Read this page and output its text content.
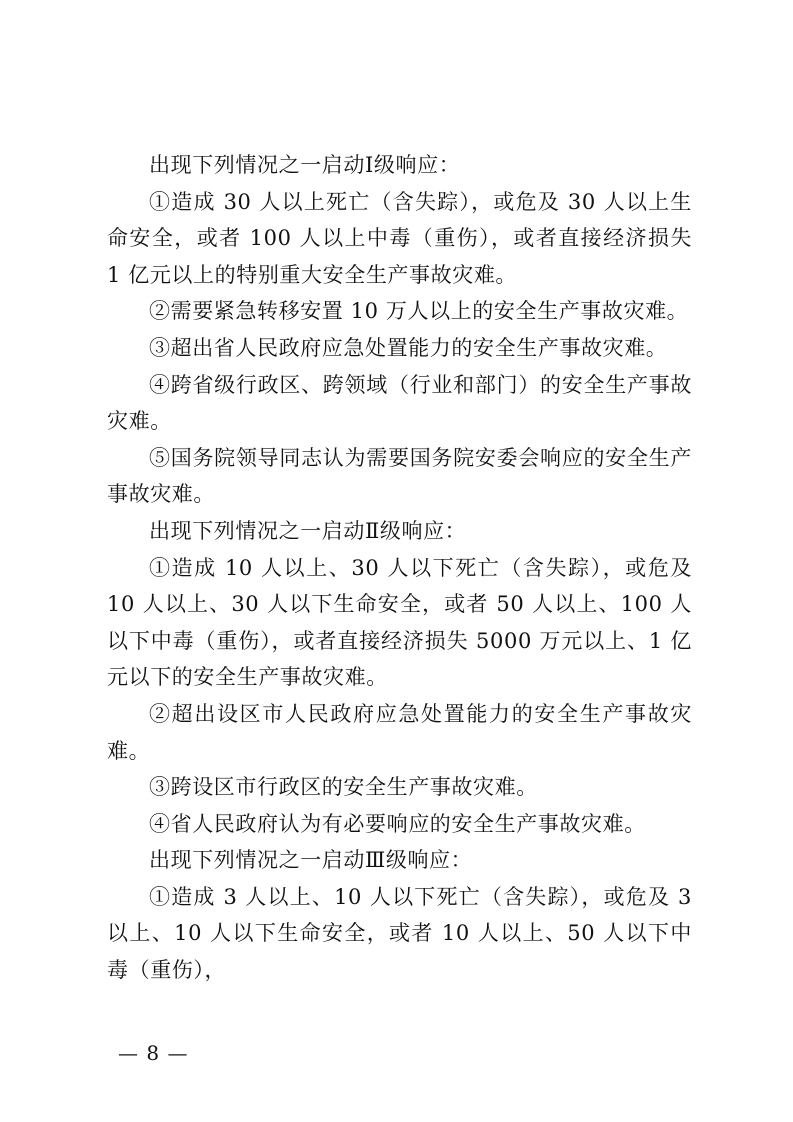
出现下列情况之一启动Ⅰ级响应：

①造成 30 人以上死亡（含失踪），或危及 30 人以上生命安全，或者 100 人以上中毒（重伤），或者直接经济损失 1 亿元以上的特别重大安全生产事故灾难。

②需要紧急转移安置 10 万人以上的安全生产事故灾难。

③超出省人民政府应急处置能力的安全生产事故灾难。

④跨省级行政区、跨领域（行业和部门）的安全生产事故灾难。

⑤国务院领导同志认为需要国务院安委会响应的安全生产事故灾难。

出现下列情况之一启动Ⅱ级响应：

①造成 10 人以上、30 人以下死亡（含失踪），或危及 10 人以上、30 人以下生命安全，或者 50 人以上、100 人以下中毒（重伤），或者直接经济损失 5000 万元以上、1 亿元以下的安全生产事故灾难。

②超出设区市人民政府应急处置能力的安全生产事故灾难。

③跨设区市行政区的安全生产事故灾难。

④省人民政府认为有必要响应的安全生产事故灾难。

出现下列情况之一启动Ⅲ级响应：

①造成 3 人以上、10 人以下死亡（含失踪），或危及 3 以上、10 人以下生命安全，或者 10 人以上、50 人以下中毒（重伤），

— 8 —
